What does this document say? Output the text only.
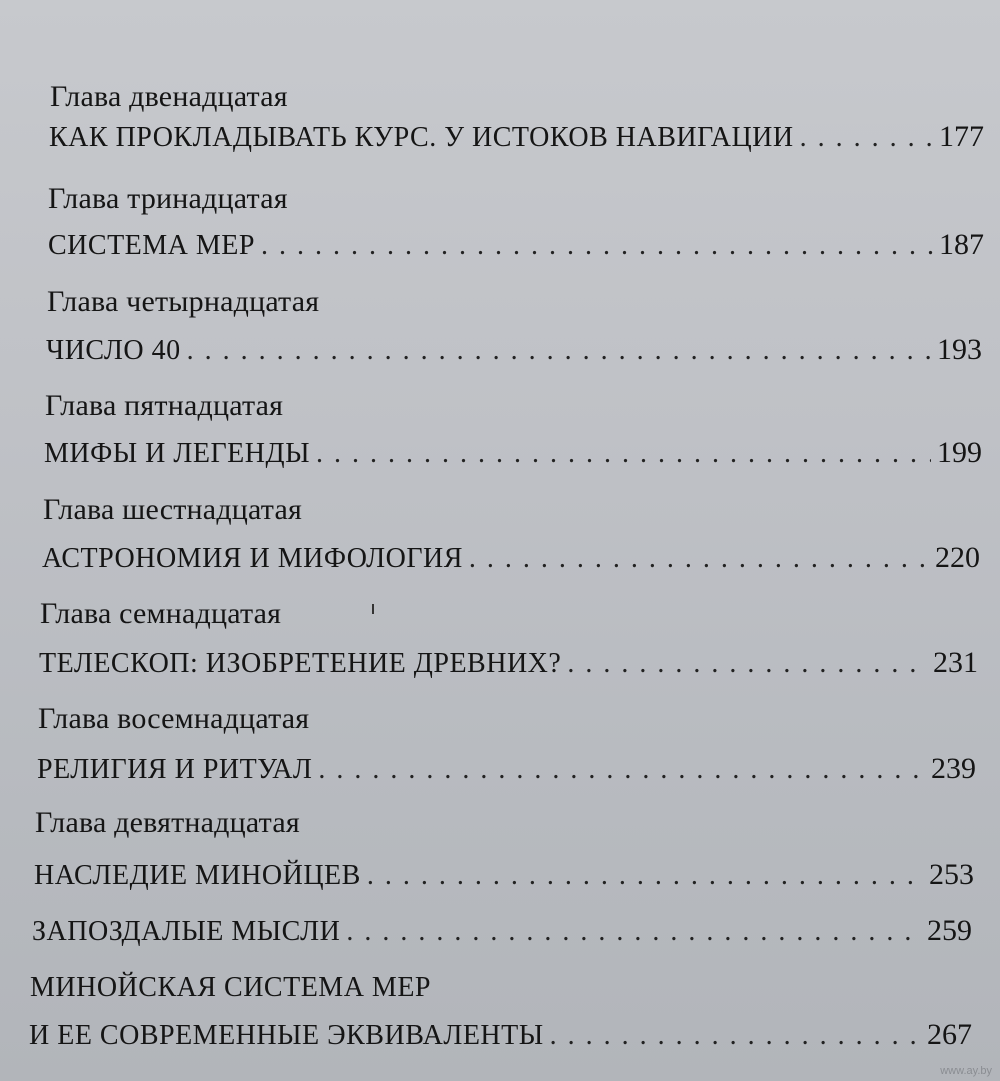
Глава двенадцатая
КАК ПРОКЛАДЫВАТЬ КУРС. У ИСТОКОВ НАВИГАЦИИ . . .	177
Глава тринадцатая
СИСТЕМА МЕР . . .	187
Глава четырнадцатая
ЧИСЛО 40 . . .	193
Глава пятнадцатая
МИФЫ И ЛЕГЕНДЫ . . .	199
Глава шестнадцатая
АСТРОНОМИЯ И МИФОЛОГИЯ . . .	220
Глава семнадцатая
ТЕЛЕСКОП: ИЗОБРЕТЕНИЕ ДРЕВНИХ? . . .	231
Глава восемнадцатая
РЕЛИГИЯ И РИТУАЛ . . .	239
Глава девятнадцатая
НАСЛЕДИЕ МИНОЙЦЕВ . . .	253
ЗАПОЗДАЛЫЕ МЫСЛИ . . .	259
МИНОЙСКАЯ СИСТЕМА МЕР
И ЕЕ СОВРЕМЕННЫЕ ЭКВИВАЛЕНТЫ . . .	267
www.ay.by
